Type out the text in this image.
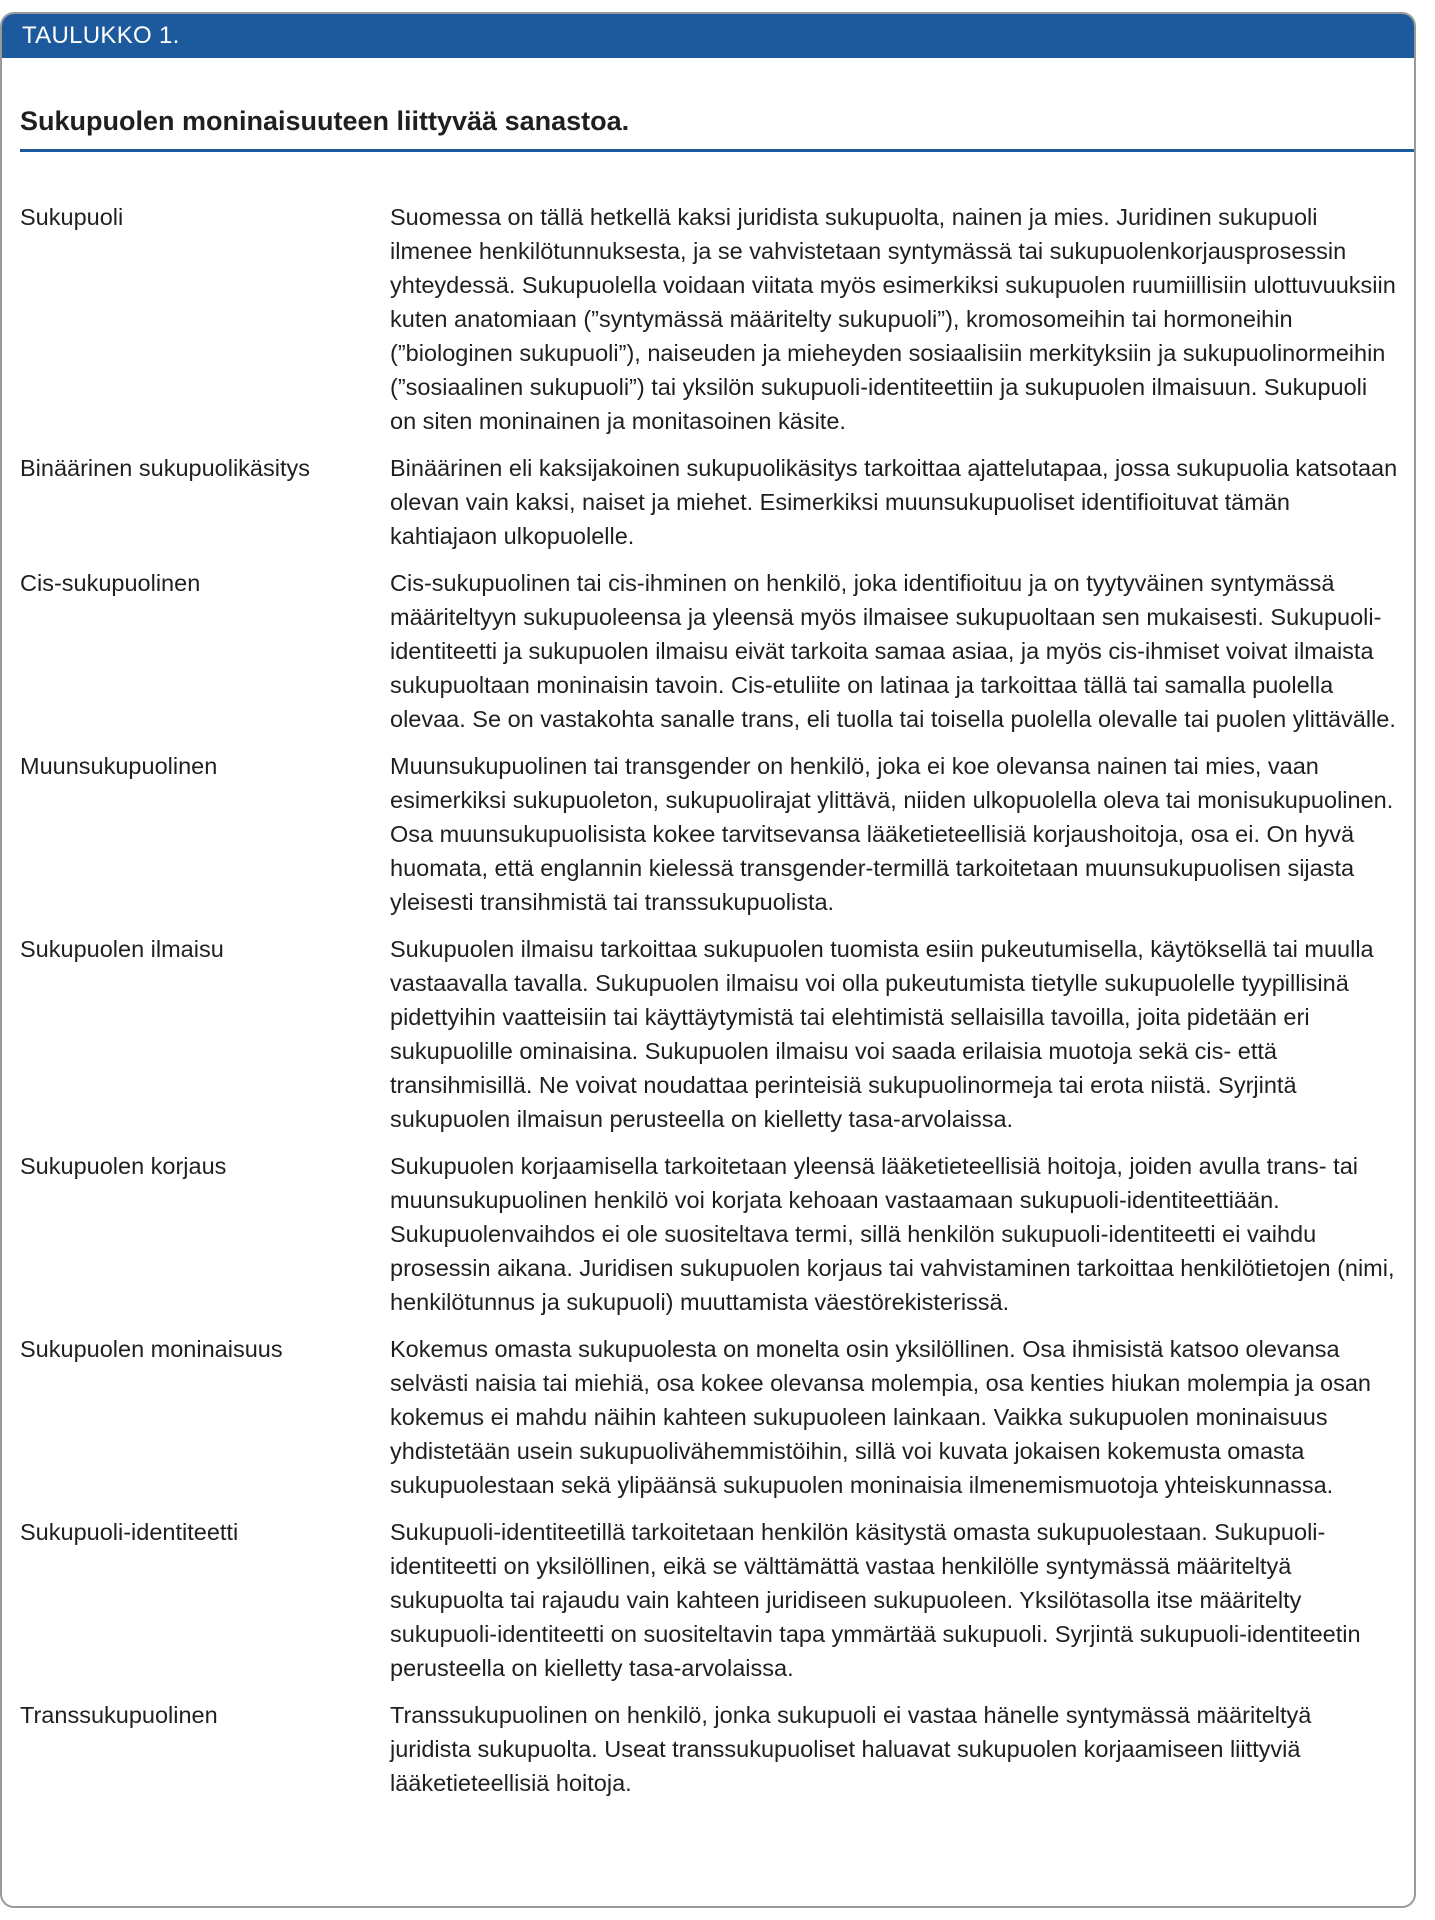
TAULUKKO 1.
Sukupuolen moninaisuuteen liittyvää sanastoa.
Sukupuoli	Suomessa on tällä hetkellä kaksi juridista sukupuolta, nainen ja mies. Juridinen sukupuoli ilmenee henkilötunnuksesta, ja se vahvistetaan syntymässä tai sukupuolenkorjausprosessin yhteydessä. Sukupuolella voidaan viitata myös esimerkiksi sukupuolen ruumiillisiin ulottuvuuksiin kuten anatomiaan (”syntymässä määritelty sukupuoli”), kromosomeihin tai hormoneihin (”biologinen sukupuoli”), naiseuden ja mieheyden sosiaalisiin merkityksiin ja sukupuolinormeihin (”sosiaalinen sukupuoli”) tai yksilön sukupuoli-identiteettiin ja sukupuolen ilmaisuun. Sukupuoli on siten moninainen ja monitasoinen käsite.
Binäärinen sukupuolikäsitys	Binäärinen eli kaksijakoinen sukupuolikäsitys tarkoittaa ajattelutapaa, jossa sukupuolia katsotaan olevan vain kaksi, naiset ja miehet. Esimerkiksi muunsukupuoliset identifioituvat tämän kahtiajaon ulkopuolelle.
Cis-sukupuolinen	Cis-sukupuolinen tai cis-ihminen on henkilö, joka identifioituu ja on tyytyväinen syntymässä määriteltyyn sukupuoleensa ja yleensä myös ilmaisee sukupuoltaan sen mukaisesti. Sukupuoli-identiteetti ja sukupuolen ilmaisu eivät tarkoita samaa asiaa, ja myös cis-ihmiset voivat ilmaista sukupuoltaan moninaisin tavoin. Cis-etuliite on latinaa ja tarkoittaa tällä tai samalla puolella olevaa. Se on vastakohta sanalle trans, eli tuolla tai toisella puolella olevalle tai puolen ylittävälle.
Muunsukupuolinen	Muunsukupuolinen tai transgender on henkilö, joka ei koe olevansa nainen tai mies, vaan esimerkiksi sukupuoleton, sukupuolirajat ylittävä, niiden ulkopuolella oleva tai monisukupuolinen. Osa muunsukupuolisista kokee tarvitsevansa lääketieteellisiä korjaushoitoja, osa ei. On hyvä huomata, että englannin kielessä transgender-termillä tarkoitetaan muunsukupuolisen sijasta yleisesti transihmistä tai transsukupuolista.
Sukupuolen ilmaisu	Sukupuolen ilmaisu tarkoittaa sukupuolen tuomista esiin pukeutumisella, käytöksellä tai muulla vastaavalla tavalla. Sukupuolen ilmaisu voi olla pukeutumista tietylle sukupuolelle tyypillisinä pidettyihin vaatteisiin tai käyttäytymistä tai elehtimistä sellaisilla tavoilla, joita pidetään eri sukupuolille ominaisina. Sukupuolen ilmaisu voi saada erilaisia muotoja sekä cis- että transihmisillä. Ne voivat noudattaa perinteisiä sukupuolinormeja tai erota niistä. Syrjintä sukupuolen ilmaisun perusteella on kielletty tasa-arvolaissa.
Sukupuolen korjaus	Sukupuolen korjaamisella tarkoitetaan yleensä lääketieteellisiä hoitoja, joiden avulla trans- tai muunsukupuolinen henkilö voi korjata kehoaan vastaamaan sukupuoli-identiteettiään. Sukupuolenvaihdos ei ole suositeltava termi, sillä henkilön sukupuoli-identiteetti ei vaihdu prosessin aikana. Juridisen sukupuolen korjaus tai vahvistaminen tarkoittaa henkilötietojen (nimi, henkilötunnus ja sukupuoli) muuttamista väestörekisterissä.
Sukupuolen moninaisuus	Kokemus omasta sukupuolesta on monelta osin yksilöllinen. Osa ihmisistä katsoo olevansa selvästi naisia tai miehiä, osa kokee olevansa molempia, osa kenties hiukan molempia ja osan kokemus ei mahdu näihin kahteen sukupuoleen lainkaan. Vaikka sukupuolen moninaisuus yhdistetään usein sukupuolivähemmistöihin, sillä voi kuvata jokaisen kokemusta omasta sukupuolestaan sekä ylipäänsä sukupuolen moninaisia ilmenemismuotoja yhteiskunnassa.
Sukupuoli-identiteetti	Sukupuoli-identiteetillä tarkoitetaan henkilön käsitystä omasta sukupuolestaan. Sukupuoli-identiteetti on yksilöllinen, eikä se välttämättä vastaa henkilölle syntymässä määriteltyä sukupuolta tai rajaudu vain kahteen juridiseen sukupuoleen. Yksilötasolla itse määritelty sukupuoli-identiteetti on suositeltavin tapa ymmärtää sukupuoli. Syrjintä sukupuoli-identiteetin perusteella on kielletty tasa-arvolaissa.
Transsukupuolinen	Transsukupuolinen on henkilö, jonka sukupuoli ei vastaa hänelle syntymässä määriteltyä juridista sukupuolta. Useat transsukupuoliset haluavat sukupuolen korjaamiseen liittyviä lääketieteellisiä hoitoja.
